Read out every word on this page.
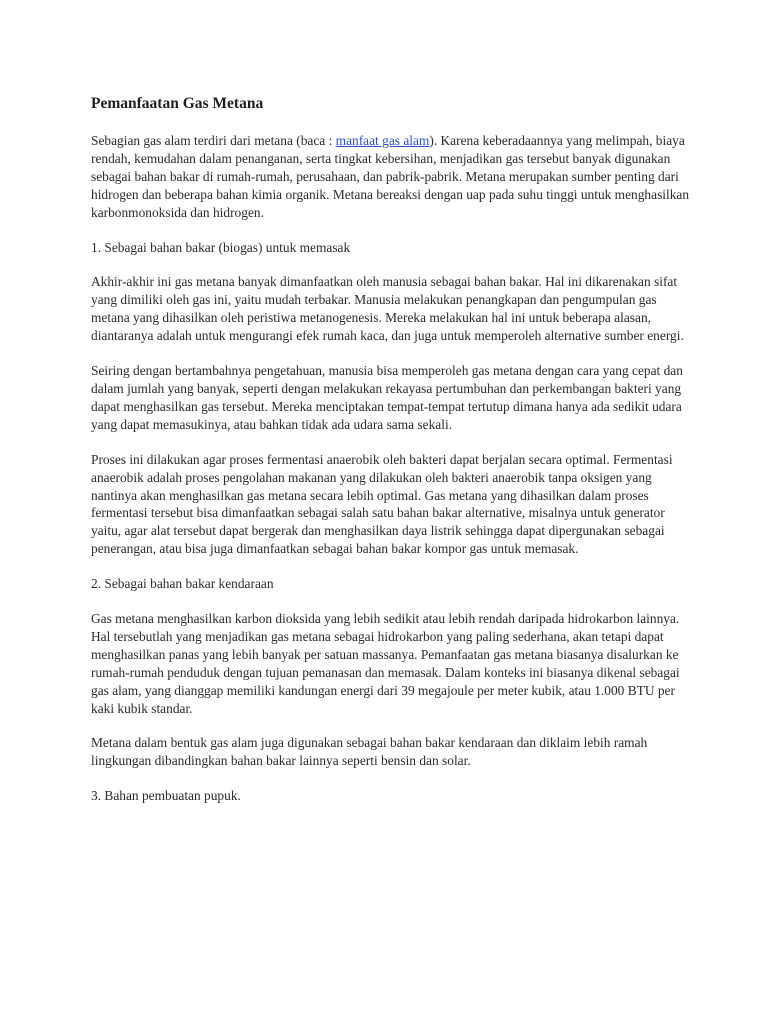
Pemanfaatan Gas Metana

Sebagian gas alam terdiri dari metana (baca : manfaat gas alam). Karena keberadaannya yang melimpah, biaya rendah, kemudahan dalam penanganan, serta tingkat kebersihan, menjadikan gas tersebut banyak digunakan sebagai bahan bakar di rumah-rumah, perusahaan, dan pabrik-pabrik. Metana merupakan sumber penting dari hidrogen dan beberapa bahan kimia organik. Metana bereaksi dengan uap pada suhu tinggi untuk menghasilkan karbonmonoksida dan hidrogen.

1. Sebagai bahan bakar (biogas) untuk memasak

Akhir-akhir ini gas metana banyak dimanfaatkan oleh manusia sebagai bahan bakar. Hal ini dikarenakan sifat yang dimiliki oleh gas ini, yaitu mudah terbakar. Manusia melakukan penangkapan dan pengumpulan gas metana yang dihasilkan oleh peristiwa metanogenesis. Mereka melakukan hal ini untuk beberapa alasan, diantaranya adalah untuk mengurangi efek rumah kaca, dan juga untuk memperoleh alternative sumber energi.

Seiring dengan bertambahnya pengetahuan, manusia bisa memperoleh gas metana dengan cara yang cepat dan dalam jumlah yang banyak, seperti dengan melakukan rekayasa pertumbuhan dan perkembangan bakteri yang dapat menghasilkan gas tersebut. Mereka menciptakan tempat-tempat tertutup dimana hanya ada sedikit udara yang dapat memasukinya, atau bahkan tidak ada udara sama sekali.

Proses ini dilakukan agar proses fermentasi anaerobik oleh bakteri dapat berjalan secara optimal. Fermentasi anaerobik adalah proses pengolahan makanan yang dilakukan oleh bakteri anaerobik tanpa oksigen yang nantinya akan menghasilkan gas metana secara lebih optimal. Gas metana yang dihasilkan dalam proses fermentasi tersebut bisa dimanfaatkan sebagai salah satu bahan bakar alternative, misalnya untuk generator yaitu, agar alat tersebut dapat bergerak dan menghasilkan daya listrik sehingga dapat dipergunakan sebagai penerangan, atau bisa juga dimanfaatkan sebagai bahan bakar kompor gas untuk memasak.

2. Sebagai bahan bakar kendaraan

Gas metana menghasilkan karbon dioksida yang lebih sedikit atau lebih rendah daripada hidrokarbon lainnya. Hal tersebutlah yang menjadikan gas metana sebagai hidrokarbon yang paling sederhana, akan tetapi dapat menghasilkan panas yang lebih banyak per satuan massanya. Pemanfaatan gas metana biasanya disalurkan ke rumah-rumah penduduk dengan tujuan pemanasan dan memasak. Dalam konteks ini biasanya dikenal sebagai gas alam, yang dianggap memiliki kandungan energi dari 39 megajoule per meter kubik, atau 1.000 BTU per kaki kubik standar.

Metana dalam bentuk gas alam juga digunakan sebagai bahan bakar kendaraan dan diklaim lebih ramah lingkungan dibandingkan bahan bakar lainnya seperti bensin dan solar.

3. Bahan pembuatan pupuk.
